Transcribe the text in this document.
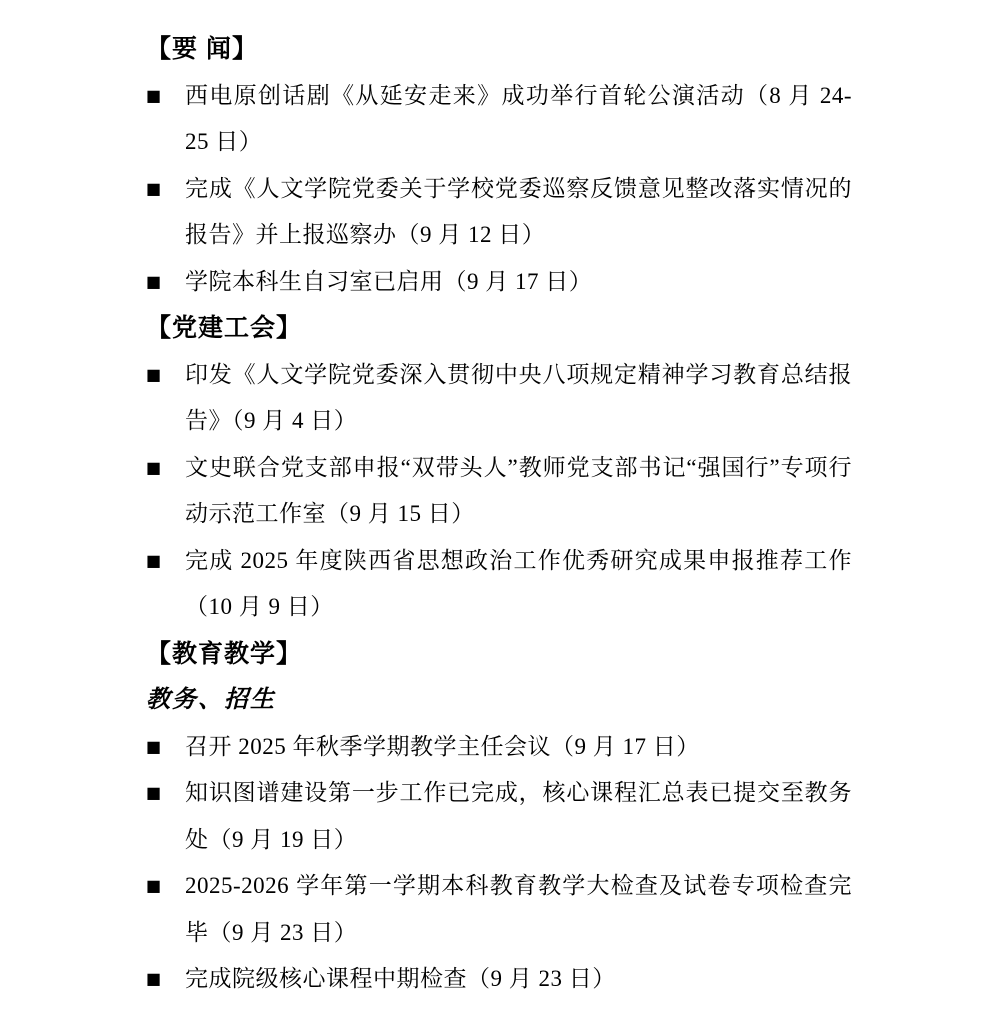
【要 闻】
■	西电原创话剧《从延安走来》成功举行首轮公演活动（8 月 24-25 日）
■	完成《人文学院党委关于学校党委巡察反馈意见整改落实情况的报告》并上报巡察办（9 月 12 日）
■	学院本科生自习室已启用（9 月 17 日）
【党建工会】
■	印发《人文学院党委深入贯彻中央八项规定精神学习教育总结报告》（9 月 4 日）
■	文史联合党支部申报“双带头人”教师党支部书记“强国行”专项行动示范工作室（9 月 15 日）
■	完成 2025 年度陕西省思想政治工作优秀研究成果申报推荐工作（10 月 9 日）
【教育教学】
教务、招生
■	召开 2025 年秋季学期教学主任会议（9 月 17 日）
■	知识图谱建设第一步工作已完成，核心课程汇总表已提交至教务处（9 月 19 日）
■	2025-2026 学年第一学期本科教育教学大检查及试卷专项检查完毕（9 月 23 日）
■	完成院级核心课程中期检查（9 月 23 日）
